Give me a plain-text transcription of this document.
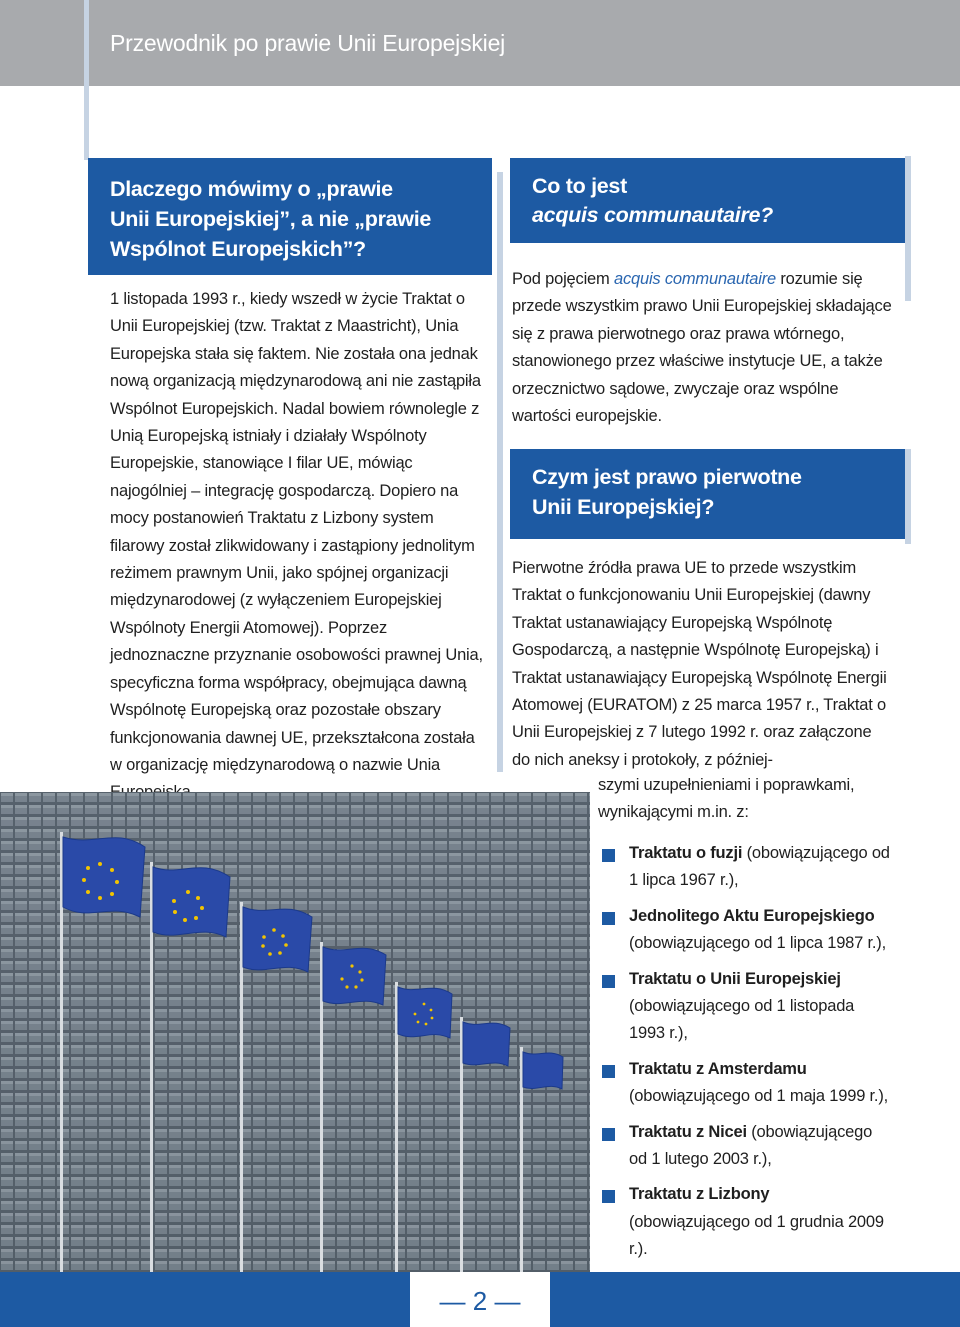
Przewodnik po prawie Unii Europejskiej
Dlaczego mówimy o „prawie
Unii Europejskiej”, a nie „prawie
Wspólnot Europejskich”?
Co to jest
acquis communautaire?
Czym jest prawo pierwotne
Unii Europejskiej?

1 listopada 1993 r., kiedy wszedł w życie Traktat o Unii Europejskiej (tzw. Traktat z Maastricht), Unia Europejska stała się faktem. Nie została ona jednak nową organizacją międzynarodową ani nie zastąpiła Wspólnot Europejskich. Nadal bowiem równolegle z Unią Europejską istniały i działały Wspólnoty Europejskie, stanowiące I filar UE, mówiąc najogólniej – integrację gospodarczą. Dopiero na mocy postanowień Traktatu z Lizbony system filarowy został zlikwidowany i zastąpiony jednolitym reżimem prawnym Unii, jako spójnej organizacji międzynarodowej (z wyłączeniem Europejskiej Wspólnoty Energii Atomowej). Poprzez jednoznaczne przyznanie osobowości prawnej Unia, specyficzna forma współpracy, obejmująca dawną Wspólnotę Europejską oraz pozostałe obszary funkcjonowania dawnej UE, przekształcona została w organizację międzynarodową o nazwie Unia

Pod pojęciem acquis communautaire rozumie się przede wszystkim prawo Unii Europejskiej składające się z prawa pierwotnego oraz prawa wtórnego, stanowionego przez właściwe instytucje UE, a także orzecznictwo sądowe, zwyczaje oraz wspólne wartości europejskie.

Pierwotne źródła prawa UE to przede wszystkim Traktat o funkcjonowaniu Unii Europejskiej (dawny Traktat ustanawiający Europejską Wspólnotę Gospodarczą, a następnie Wspólnotę Europejską) i Traktat ustanawiający Europejską Wspólnotę Energii Atomowej (EURATOM) z 25 marca 1957 r., Traktat o Unii Europejskiej z 7 lutego 1992 r. oraz załączone do nich aneksy i protokoły, z później-

szymi uzupełnieniami i poprawkami, wynikającymi m.in. z:

Traktatu o fuzji (obowiązującego od 1 lipca 1967 r.),
Jednolitego Aktu Europejskiego (obowiązującego od 1 lipca 1987 r.),
Traktatu o Unii Europejskiej (obowiązującego od 1 listopada 1993 r.),
Traktatu z Amsterdamu (obowiązującego od 1 maja 1999 r.),
Traktatu z Nicei (obowiązującego od 1 lutego 2003 r.),
Traktatu z Lizbony (obowiązującego od 1 grudnia 2009 r.).
— 2 —
